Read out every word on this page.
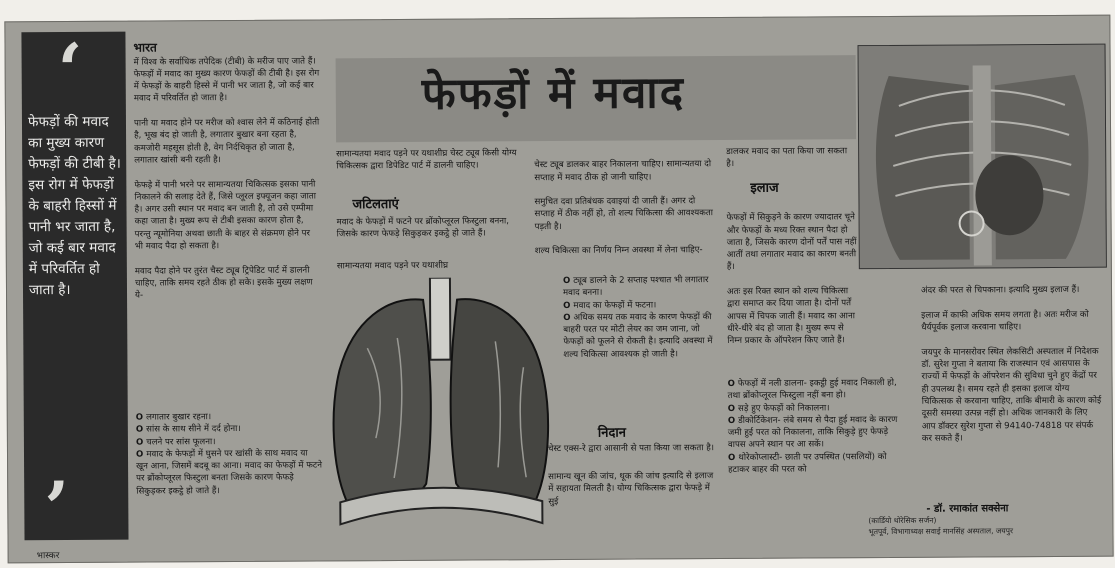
‘
फेफड़ों की मवाद का मुख्य कारण फेफड़ों की टीबी है। इस रोग में फेफड़ों के बाहरी हिस्सों में पानी भर जाता है, जो कई बार मवाद में परिवर्तित हो जाता है।
’

भारत
में विश्व के सर्वाधिक तपेदिक (टीबी) के मरीज पाए जाते हैं। फेफड़ों में मवाद का मुख्य कारण फेफड़ों की टीबी है। इस रोग में फेफड़ों के बाहरी हिस्से में पानी भर जाता है, जो कई बार मवाद में परिवर्तित हो जाता है।

पानी या मवाद होने पर मरीज को श्वास लेने में कठिनाई होती है, भूख बंद हो जाती है, लगातार बुखार बना रहता है, कमजोरी महसूस होती है, वेग निर्दचिकृत हो जाता है, लगातार खांसी बनी रहती है।

फेफड़े में पानी भरने पर सामान्यतया चिकित्सक इसका पानी निकालने की सलाह देते हैं, जिसे प्लूरल इफ्यूजन कहा जाता है। अगर उसी स्थान पर मवाद बन जाती है, तो उसे एम्पीमा कहा जाता है। मुख्य रूप से टीबी इसका कारण होता है, परन्तु न्यूमोनिया अथवा छाती के बाहर से संक्रमण होने पर भी मवाद पैदा हो सकता है।

मवाद पैदा होने पर तुरंत चैस्ट ट्यूब ट्रिपेडिट पार्ट में डालनी चाहिए, ताकि समय रहते ठीक हो सके। इसके मुख्य लक्षण ये-

O लगातार बुखार रहना।
O सांस के साथ सीने में दर्द होना।
O चलने पर सांस फूलना।
O मवाद के फेफड़ों में घुसने पर खांसी के साथ मवाद या खून आना, जिसमें बदबू का आना। मवाद का फेफड़ों में फटने पर ब्रोंकोप्लूरल फिस्टुला बनता जिसके कारण फेफड़े सिकुड़कर इकट्ठे हो जाते हैं।
फेफड़ों में मवाद
सामान्यतया मवाद पड़ने पर यथाशीघ्र चेस्ट ट्यूब किसी योग्य चिकित्सक द्वारा डिपेडिट पार्ट में डालनी चाहिए।
जटिलताएं
मवाद के फेफड़ों में फटने पर ब्रोंकोप्लूरल फिस्टुला बनना, जिसके कारण फेफड़े सिकुड़कर इकट्ठे हो जाते हैं।
सामान्यतया मवाद पड़ने पर यथाशीघ्र

चेस्ट ट्यूब डालकर बाहर निकालना चाहिए। सामान्यतया दो सप्ताह में मवाद ठीक हो जानी चाहिए।

समुचित दवा प्रतिबंधक दवाइयां दी जाती हैं। अगर दो सप्ताह में ठीक नहीं हो, तो शल्य चिकित्सा की आवश्यकता पड़ती है।

शल्य चिकित्सा का निर्णय निम्न अवस्था में लेना चाहिए-

O ट्यूब डालने के 2 सप्ताह पश्चात भी लगातार मवाद बनना।
O मवाद का फेफड़ों में फटना।
O अधिक समय तक मवाद के कारण फेफड़ों की बाहरी परत पर मोटी लेयर का जम जाना, जो फेफड़ों को फूलने से रोकती है। इत्यादि अवस्था में शल्य चिकित्सा आवश्यक हो जाती है।
निदान
चेस्ट एक्स-रे द्वारा आसानी से पता किया जा सकता है।
सामान्य खून की जांच, थूक की जांच इत्यादि से इलाज में सहायता मिलती है। योग्य चिकित्सक द्वारा फेफड़े में सुई
डालकर मवाद का पता किया जा सकता है।
इलाज

फेफड़ों में सिकुड़ने के कारण ज्यादातर चूने और फेफड़ों के मध्य रिक्त स्थान पैदा हो जाता है, जिसके कारण दोनों पर्तें पास नहीं आतीं तथा लगातार मवाद का कारण बनती हैं।

अतः इस रिक्त स्थान को शल्य चिकित्सा द्वारा समाप्त कर दिया जाता है। दोनों पर्तें आपस में चिपक जाती हैं। मवाद का आना धीरे-धीरे बंद हो जाता है। मुख्य रूप से निम्न प्रकार के ऑपरेशन किए जाते हैं।

O फेफड़ों में नली डालना- इकट्ठी हुई मवाद निकाली हो, तथा ब्रोंकोप्लूरल फिस्टुला नहीं बना हो।
O सड़े हुए फेफड़ों को निकालना।
O डीकोर्टिकेशन- लंबे समय से पैदा हुई मवाद के कारण जमी हुई परत को निकालना, ताकि सिकुड़े हुए फेफड़े वापस अपने स्थान पर आ सकें।
O थोरेकोप्लास्टी- छाती पर उपस्थित (पसलियों) को हटाकर बाहर की परत को

अंदर की परत से चिपकाना। इत्यादि मुख्य इलाज हैं।

इलाज में काफी अधिक समय लगता है। अतः मरीज को धैर्यपूर्वक इलाज करवाना चाहिए।

जयपुर के मानसरोवर स्थित लेकसिटी अस्पताल में निदेशक डॉ. सुरेश गुप्ता ने बताया कि राजस्थान एवं आसपास के राज्यों में फेफड़ों के ऑपरेशन की सुविधा चुने हुए केंद्रों पर ही उपलब्ध है। समय रहते ही इसका इलाज योग्य चिकित्सक से करवाना चाहिए, ताकि बीमारी के कारण कोई दूसरी समस्या उत्पन्न नहीं हो। अधिक जानकारी के लिए आप डॉक्टर सुरेश गुप्ता से 94140-74818 पर संपर्क कर सकते हैं।

- डॉ. रमाकांत सक्सेना
(कार्डियो थोरेसिक सर्जन)
भूतपूर्व, विभागाध्यक्ष सवाई मानसिंह अस्पताल, जयपुर
भास्कर
